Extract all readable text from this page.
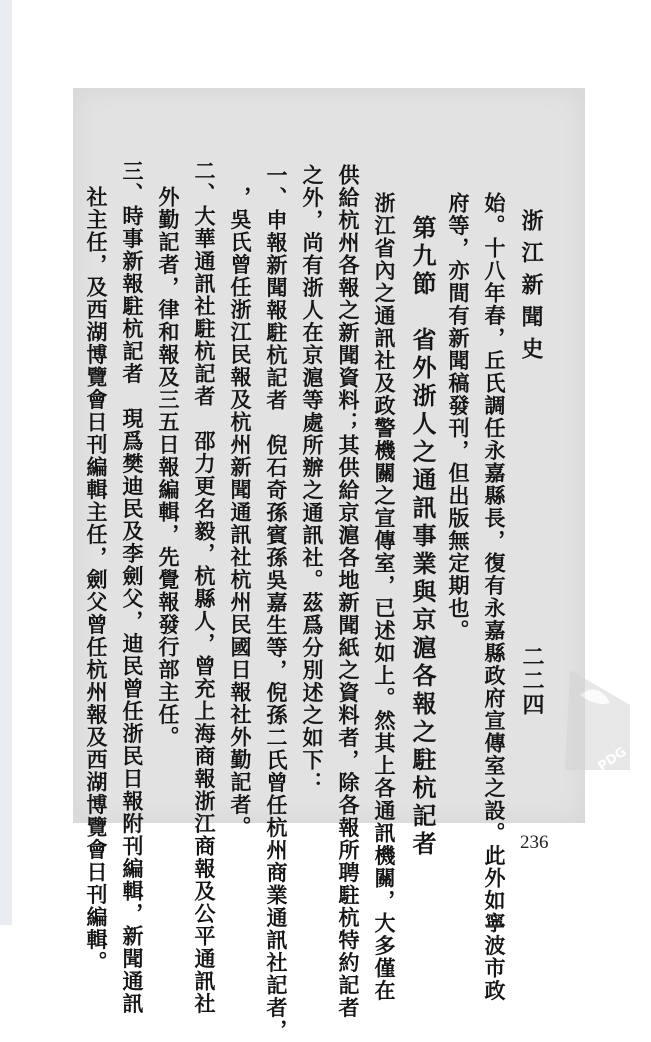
浙江新聞史
二二四
始。十八年春，丘氏調任永嘉縣長，復有永嘉縣政府宣傳室之設。此外如寧波市政
府等，亦間有新聞稿發刊，但出版無定期也。
第九節　省外浙人之通訊事業與京滬各報之駐杭記者
浙江省內之通訊社及政警機關之宣傳室，已述如上。然其上各通訊機關，大多僅在
供給杭州各報之新聞資料；其供給京滬各地新聞紙之資料者，除各報所聘駐杭特約記者
之外，尚有浙人在京滬等處所辦之通訊社。茲爲分別述之如下：
一、申報新聞報駐杭記者　倪石奇孫賓孫吳嘉生等，倪孫二氏曾任杭州商業通訊社記者，
，吳氏曾任浙江民報及杭州新聞通訊社杭州民國日報社外勤記者。
二、大華通訊社駐杭記者　邵力更名毅，杭縣人，曾充上海商報浙江商報及公平通訊社
外勤記者，律和報及三五日報編輯，先覺報發行部主任。
三、時事新報駐杭記者　現爲樊迪民及李劍父，迪民曾任浙民日報附刊編輯，新聞通訊
社主任，及西湖博覽會日刊編輯主任，劍父曾任杭州報及西湖博覽會日刊編輯。	236
PDG
